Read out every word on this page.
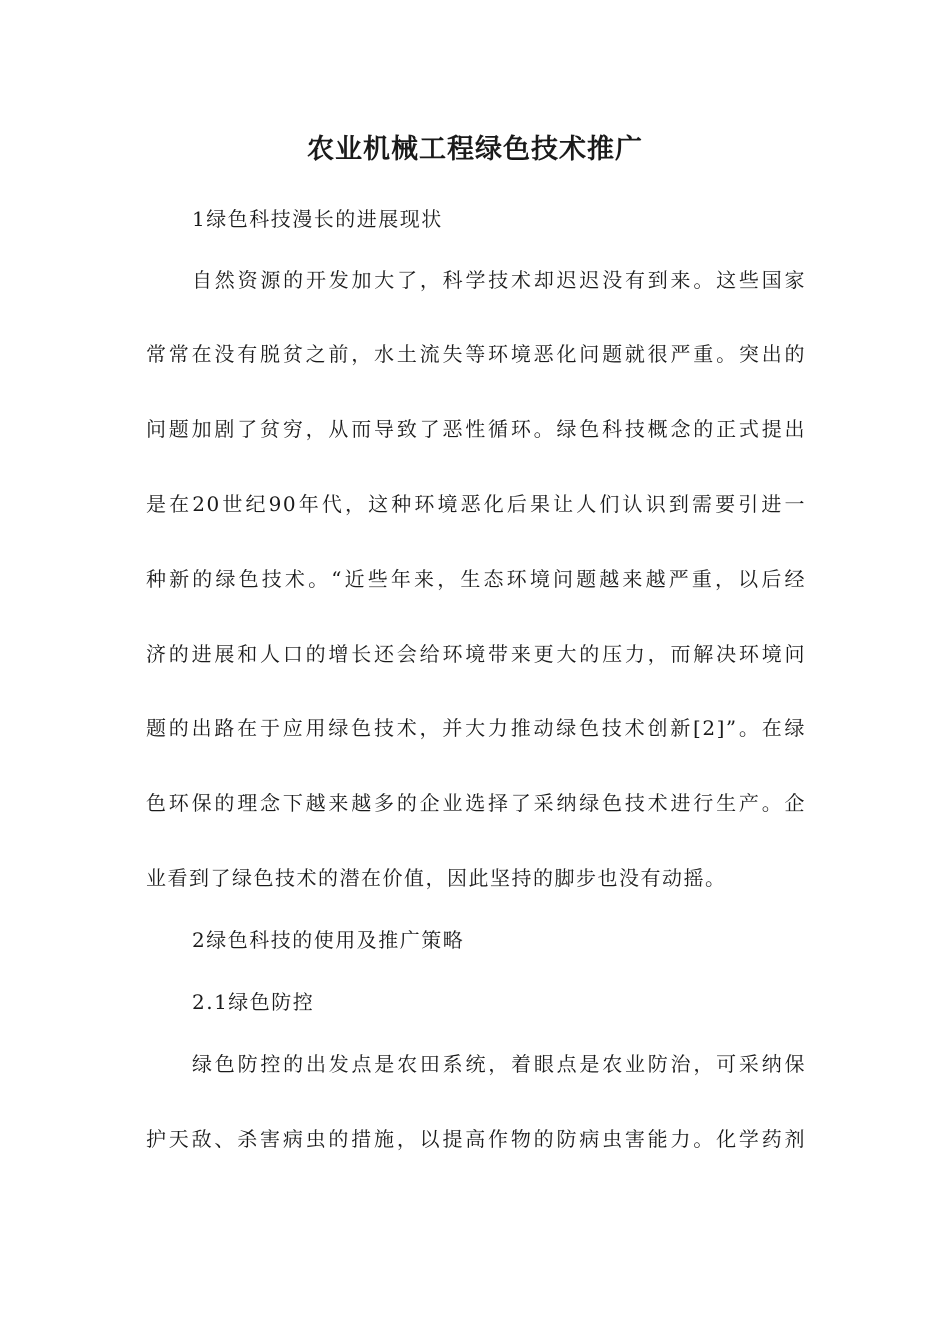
农业机械工程绿色技术推广
1绿色科技漫长的进展现状
自然资源的开发加大了，科学技术却迟迟没有到来。这些国家
常常在没有脱贫之前，水土流失等环境恶化问题就很严重。突出的
问题加剧了贫穷，从而导致了恶性循环。绿色科技概念的正式提出
是在20世纪90年代，这种环境恶化后果让人们认识到需要引进一
种新的绿色技术。“近些年来，生态环境问题越来越严重，以后经
济的进展和人口的增长还会给环境带来更大的压力，而解决环境问
题的出路在于应用绿色技术，并大力推动绿色技术创新[2]”。在绿
色环保的理念下越来越多的企业选择了采纳绿色技术进行生产。企
业看到了绿色技术的潜在价值，因此坚持的脚步也没有动摇。
2绿色科技的使用及推广策略
2.1绿色防控
绿色防控的出发点是农田系统，着眼点是农业防治，可采纳保
护天敌、杀害病虫的措施，以提高作物的防病虫害能力。化学药剂
